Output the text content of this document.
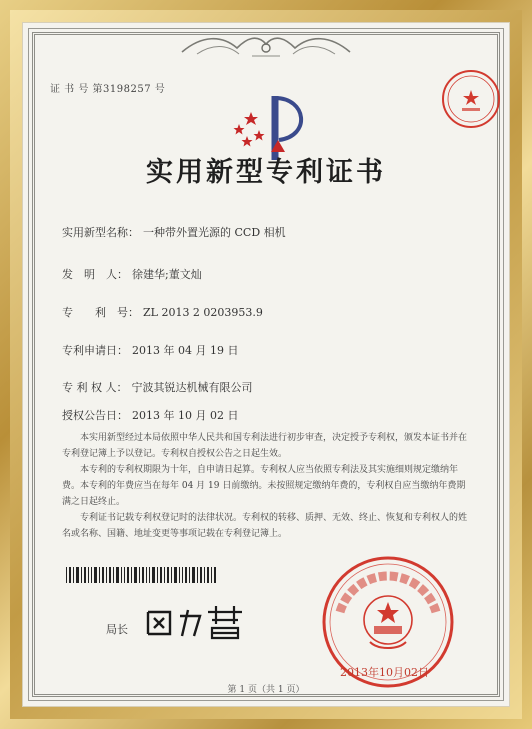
证 书 号 第3198257 号
实用新型专利证书
实用新型名称： 一种带外置光源的 CCD 相机
发　明　人： 徐建华;董文灿
专　　利　号： ZL 2013 2 0203953.9
专利申请日： 2013 年 04 月 19 日
专 利 权 人： 宁波其锐达机械有限公司
授权公告日： 2013 年 10 月 02 日

本实用新型经过本局依照中华人民共和国专利法进行初步审查，决定授予专利权，颁发本证书并在专利登记簿上予以登记。专利权自授权公告之日起生效。

本专利的专利权期限为十年，自申请日起算。专利权人应当依照专利法及其实施细则规定缴纳年费。本专利的年费应当在每年 04 月 19 日前缴纳。未按照规定缴纳年费的，专利权自应当缴纳年费期满之日起终止。

专利证书记载专利权登记时的法律状况。专利权的转移、质押、无效、终止、恢复和专利权人的姓名或名称、国籍、地址变更等事项记载在专利登记簿上。

局长
2013年10月02日
第 1 页（共 1 页）
